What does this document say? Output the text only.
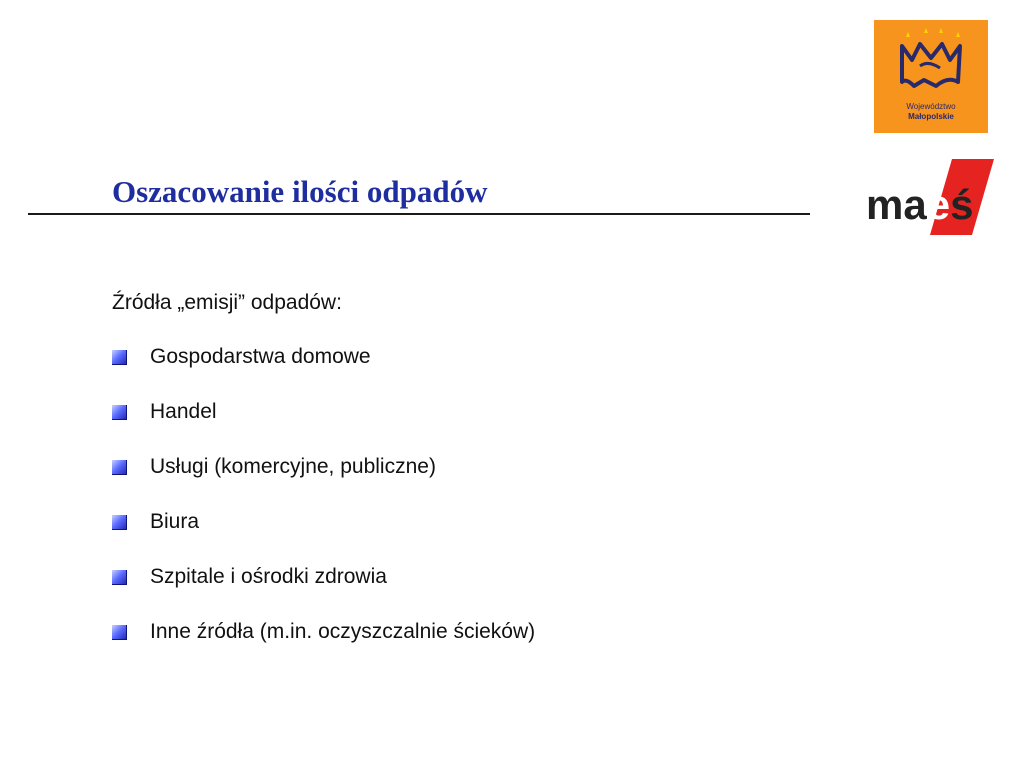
Województwo
Małopolskie
maeś
Oszacowanie ilości odpadów
Źródła „emisji” odpadów:
Gospodarstwa domowe
Handel
Usługi (komercyjne, publiczne)
Biura
Szpitale i ośrodki zdrowia
Inne źródła (m.in. oczyszczalnie ścieków)
